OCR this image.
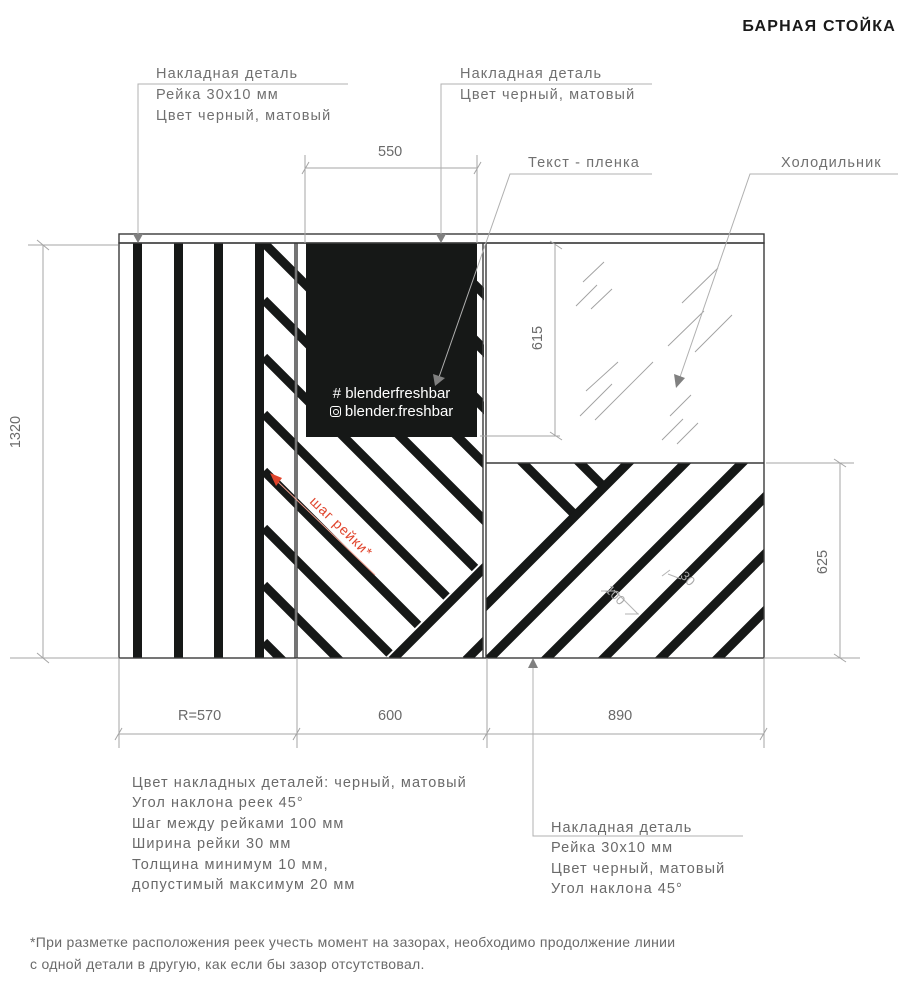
БАРНАЯ СТОЙКА
Накладная деталь
Рейка 30х10 мм
Цвет черный, матовый
Накладная деталь
Цвет черный, матовый
Текст - пленка	Холодильник
# blenderfreshbar
blender.freshbar
550
1320
615
625
R=570	600	890
100
30
шаг рейки*
Цвет накладных деталей: черный, матовый
Угол наклона реек 45°
Шаг между рейками 100 мм
Ширина рейки 30 мм
Толщина минимум 10 мм,
допустимый максимум 20 мм
Накладная деталь
Рейка 30х10 мм
Цвет черный, матовый
Угол наклона 45°
*При разметке расположения реек учесть момент на зазорах, необходимо продолжение линии
с одной детали в другую, как если бы зазор отсутствовал.
